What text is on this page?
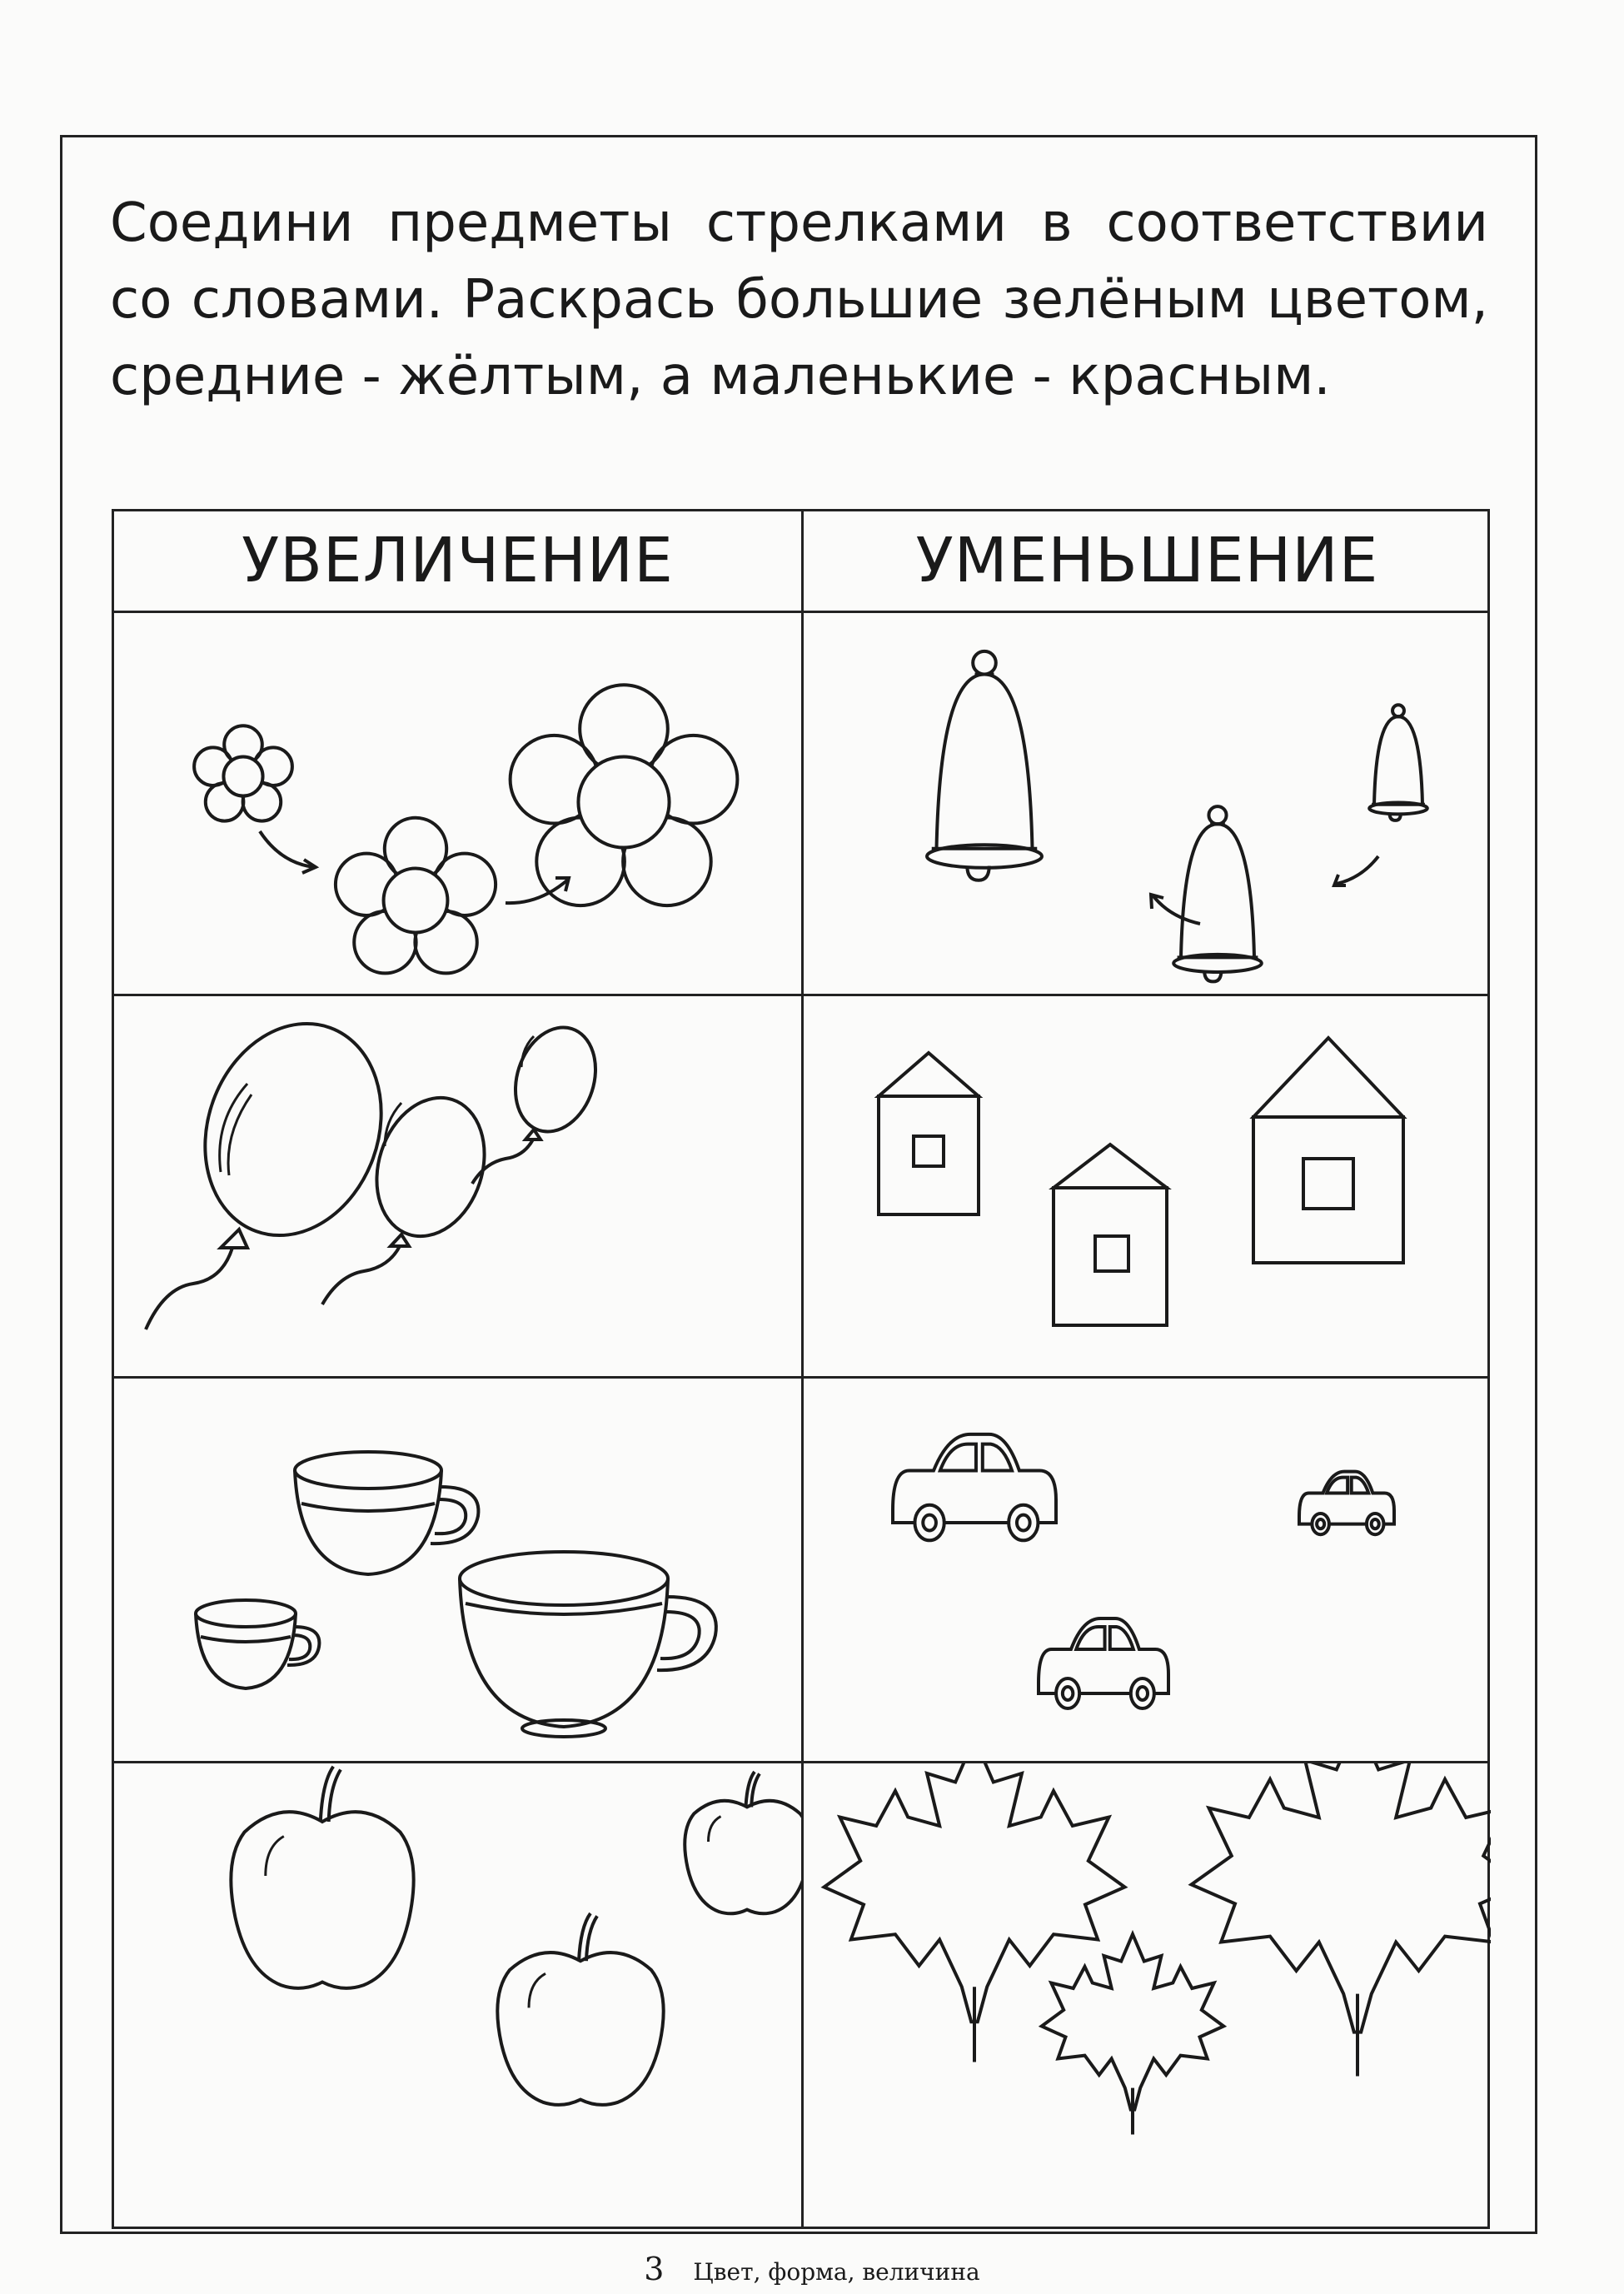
Соедини предметы стрелками в соответствии со словами. Раскрась большие зелёным цветом, средние - жёлтым, а маленькие - красным.

УВЕЛИЧЕНИЕ	УМЕНЬШЕНИЕ
3 Цвет, форма, величина
